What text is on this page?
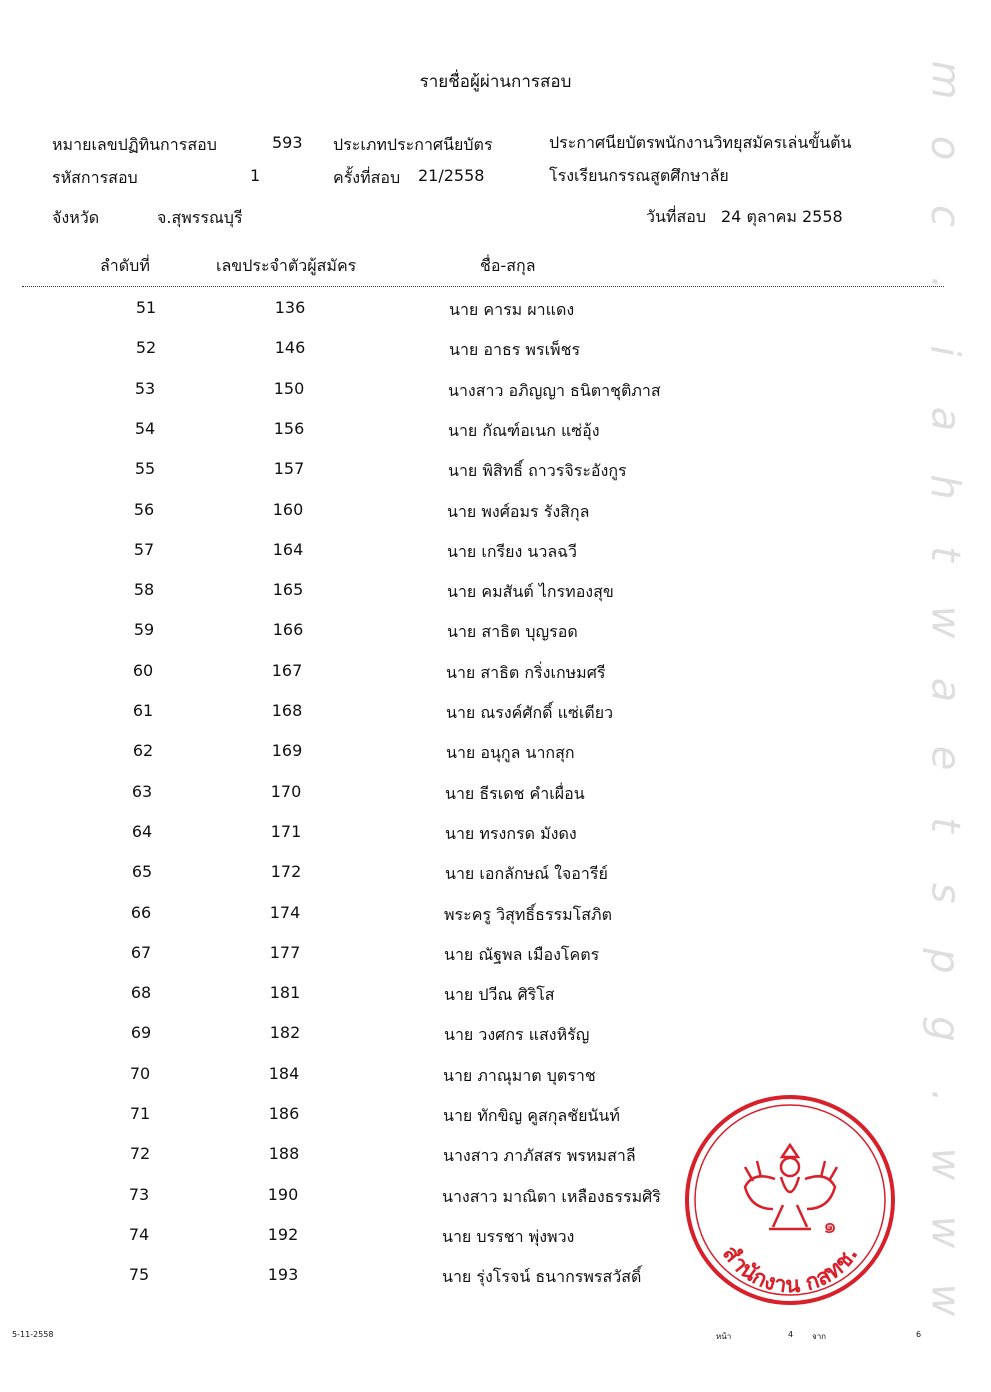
m
o
c
.
i
a
h
t
w
a
e
t
s
p
g
.
w
w
w
รายชื่อผู้ผ่านการสอบ
หมายเลขปฏิทินการสอบ	593 ประเภทประกาศนียบัตร	ประกาศนียบัตรพนักงานวิทยุสมัครเล่นขั้นต้น
รหัสการสอบ	1	ครั้งที่สอบ 21/2558	โรงเรียนกรรณสูตศึกษาลัย
จังหวัด	จ.สุพรรณบุรี	วันที่สอบ 24 ตุลาคม 2558
ลำดับที่	เลขประจำตัวผู้สมัคร	ชื่อ-สกุล
51	136	นาย คารม ผาแดง
52	146	นาย อาธร พรเพ็ชร
53	150	นางสาว อภิญญา ธนิตาชุติภาส
54	156	นาย กัณฑ์อเนก แซ่อุ้ง
55	157	นาย พิสิทธิ์ ถาวรจิระอังกูร
56	160	นาย พงศ์อมร รังสิกุล
57	164	นาย เกรียง นวลฉวี
58	165	นาย คมสันต์ ไกรทองสุข
59	166	นาย สาธิต บุญรอด
60	167	นาย สาธิต กริ่งเกษมศรี
61	168	นาย ณรงค์ศักดิ์ แซ่เตียว
62	169	นาย อนุกูล นากสุก
63	170	นาย ธีรเดช คำเผื่อน
64	171	นาย ทรงกรด มังดง
65	172	นาย เอกลักษณ์ ใจอารีย์
66	174	พระครู วิสุทธิ์ธรรมโสภิต
67	177	นาย ณัฐพล เมืองโคตร
68	181	นาย ปวีณ ศิริโส
69	182	นาย วงศกร แสงหิรัญ
70	184	นาย ภาณุมาต บุตราช
71	186	นาย ทักขิญ คูสกุลชัยนันท์
72	188	นางสาว ภาภัสสร พรหมสาลี
73	190	นางสาว มาณิตา เหลืองธรรมศิริ
74	192	นาย บรรชา พุ่งพวง
75	193	นาย รุ่งโรจน์ ธนากรพรสวัสดิ์
๑
สำนักงาน กสทช.
5-11-2558	หน้า	4 จาก	6
